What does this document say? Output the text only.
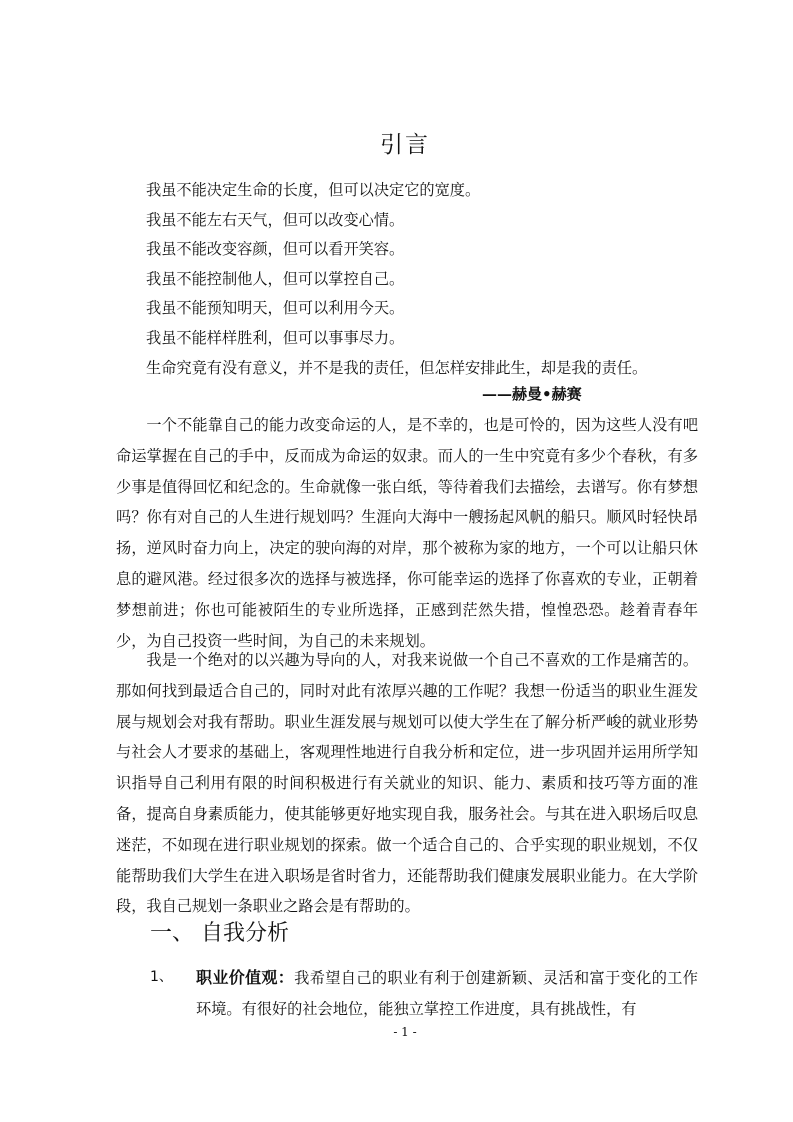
引言
我虽不能决定生命的长度，但可以决定它的宽度。
我虽不能左右天气，但可以改变心情。
我虽不能改变容颜，但可以看开笑容。
我虽不能控制他人，但可以掌控自己。
我虽不能预知明天，但可以利用今天。
我虽不能样样胜利，但可以事事尽力。
生命究竟有没有意义，并不是我的责任，但怎样安排此生，却是我的责任。
——赫曼•赫赛

一个不能靠自己的能力改变命运的人，是不幸的，也是可怜的，因为这些人没有吧命运掌握在自己的手中，反而成为命运的奴隶。而人的一生中究竟有多少个春秋，有多少事是值得回忆和纪念的。生命就像一张白纸，等待着我们去描绘，去谱写。你有梦想吗？你有对自己的人生进行规划吗？生涯向大海中一艘扬起风帆的船只。顺风时轻快昂扬，逆风时奋力向上，决定的驶向海的对岸，那个被称为家的地方，一个可以让船只休息的避风港。经过很多次的选择与被选择，你可能幸运的选择了你喜欢的专业，正朝着梦想前进；你也可能被陌生的专业所选择，正感到茫然失措，惶惶恐恐。趁着青春年少，为自己投资一些时间，为自己的未来规划。

我是一个绝对的以兴趣为导向的人，对我来说做一个自己不喜欢的工作是痛苦的。那如何找到最适合自己的，同时对此有浓厚兴趣的工作呢？我想一份适当的职业生涯发展与规划会对我有帮助。职业生涯发展与规划可以使大学生在了解分析严峻的就业形势与社会人才要求的基础上，客观理性地进行自我分析和定位，进一步巩固并运用所学知识指导自己利用有限的时间积极进行有关就业的知识、能力、素质和技巧等方面的准备，提高自身素质能力，使其能够更好地实现自我，服务社会。与其在进入职场后叹息迷茫，不如现在进行职业规划的探索。做一个适合自己的、合乎实现的职业规划，不仅能帮助我们大学生在进入职场是省时省力，还能帮助我们健康发展职业能力。在大学阶段，我自己规划一条职业之路会是有帮助的。

一、 自我分析
1、 职业价值观：我希望自己的职业有利于创建新颖、灵活和富于变化的工作环境。有很好的社会地位，能独立掌控工作进度，具有挑战性，有
- 1 -
